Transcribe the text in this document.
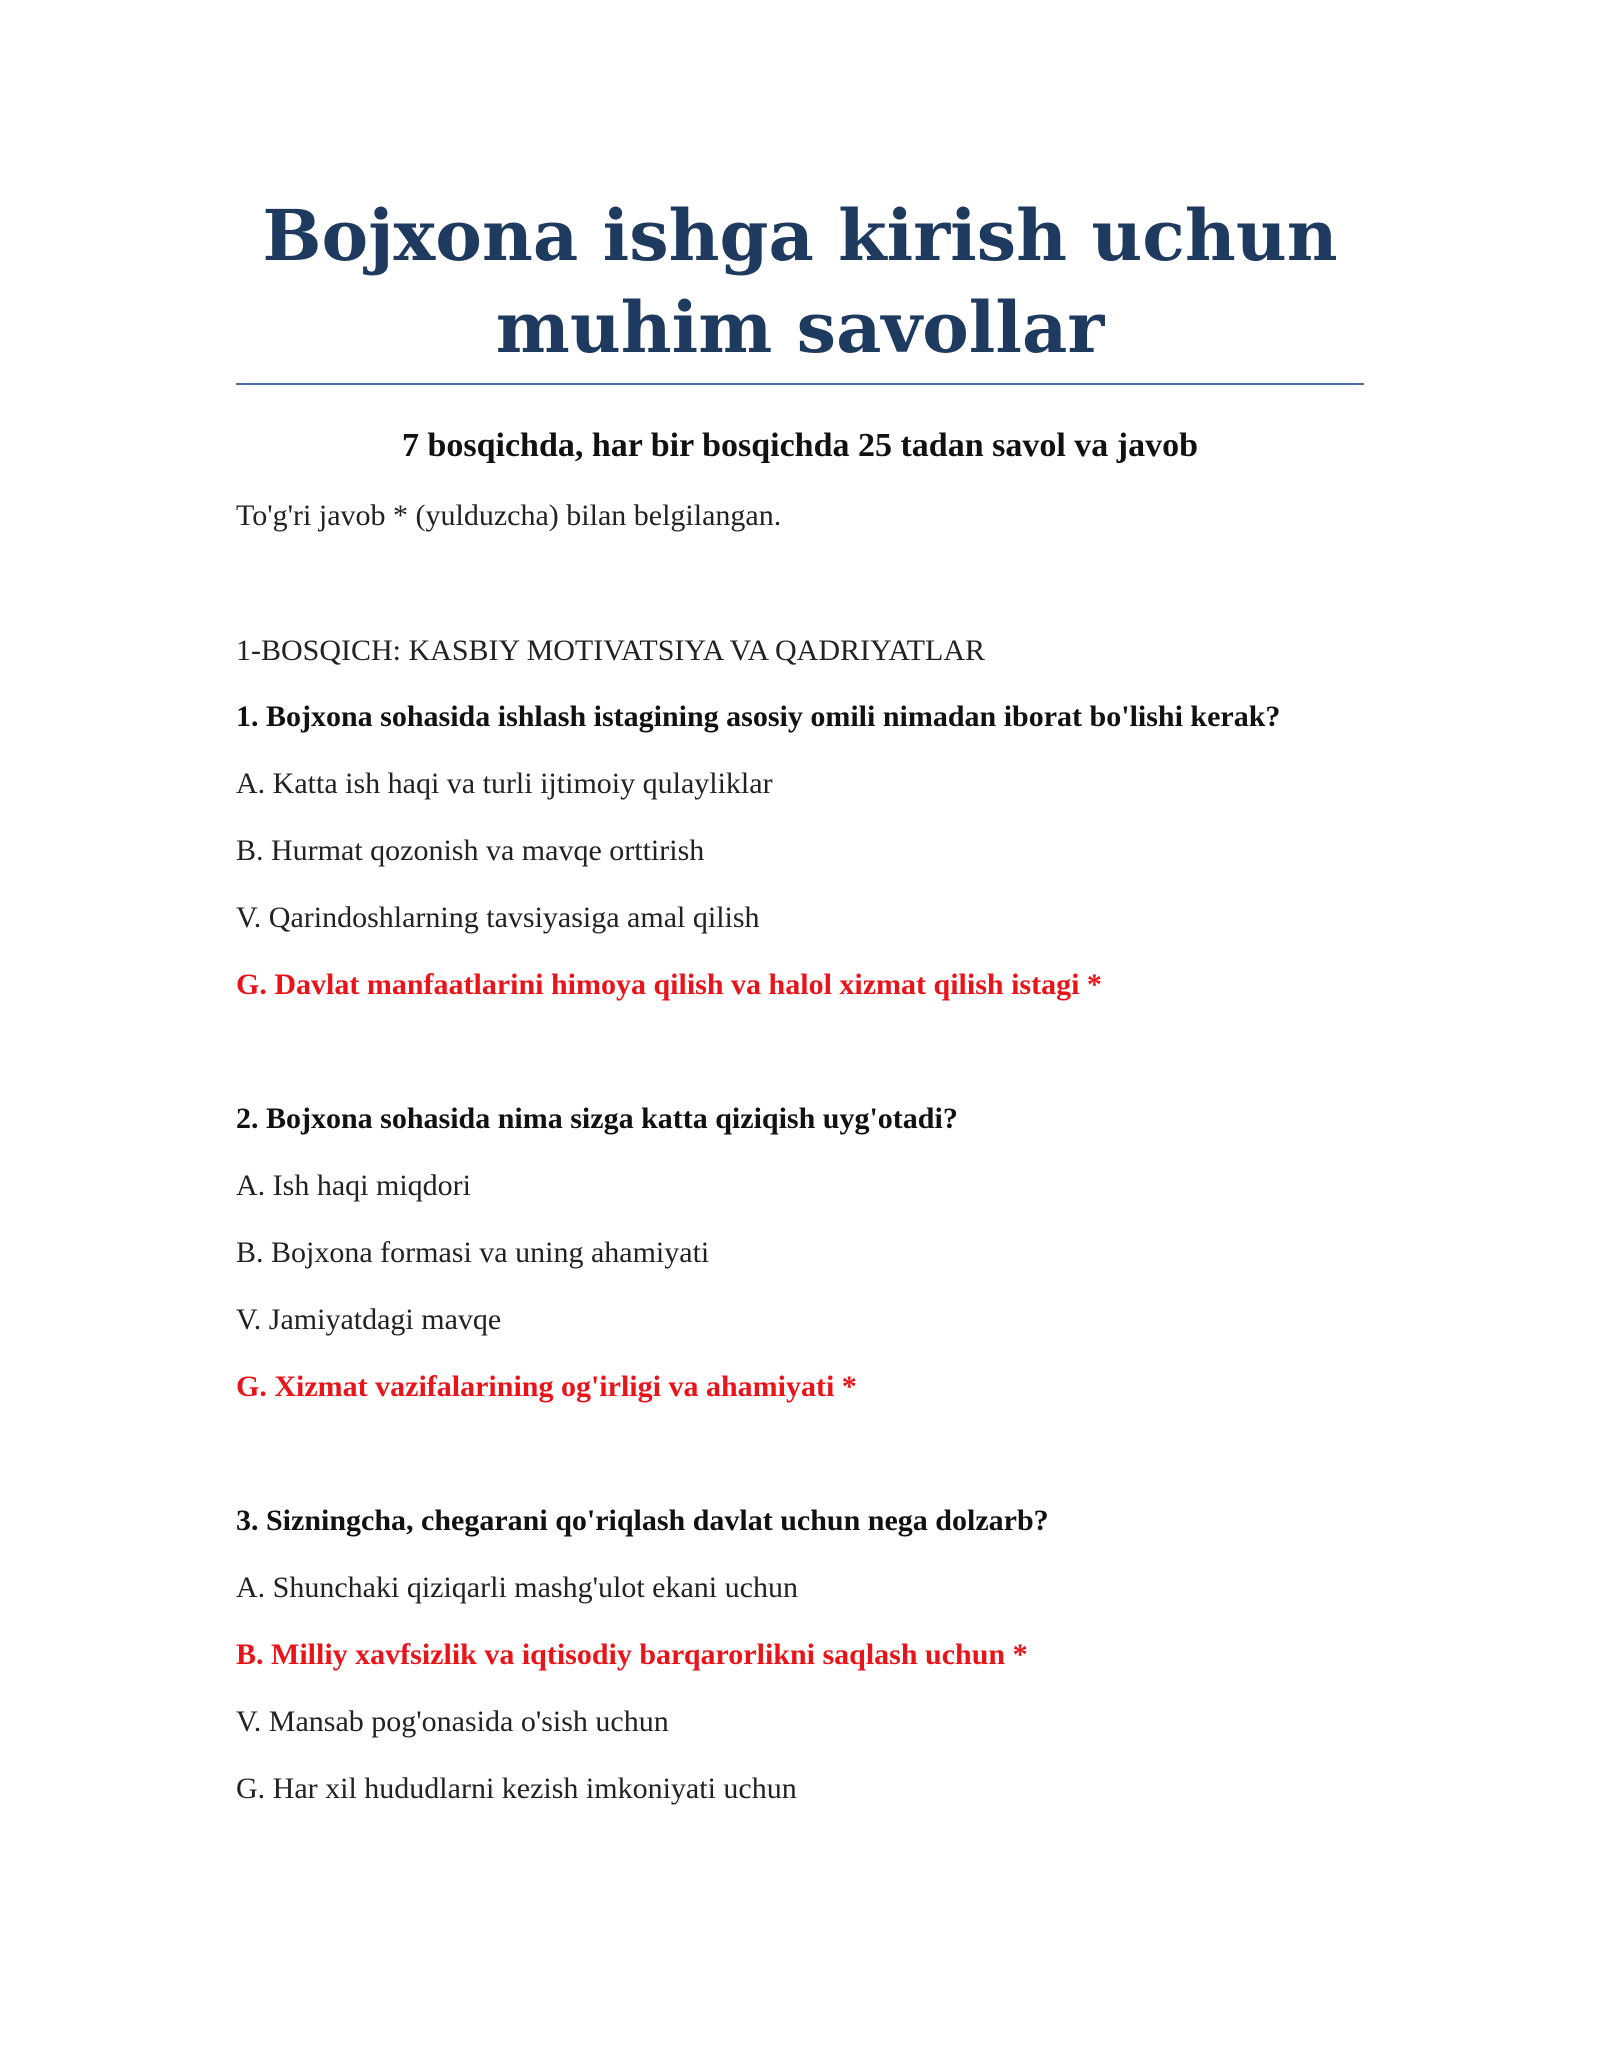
Bojxona ishga kirish uchun
muhim savollar
7 bosqichda, har bir bosqichda 25 tadan savol va javob

To'g'ri javob * (yulduzcha) bilan belgilangan.

1-BOSQICH: KASBIY MOTIVATSIYA VA QADRIYATLAR

1. Bojxona sohasida ishlash istagining asosiy omili nimadan iborat bo'lishi kerak?

A. Katta ish haqi va turli ijtimoiy qulayliklar

B. Hurmat qozonish va mavqe orttirish

V. Qarindoshlarning tavsiyasiga amal qilish

G. Davlat manfaatlarini himoya qilish va halol xizmat qilish istagi *

2. Bojxona sohasida nima sizga katta qiziqish uyg'otadi?

A. Ish haqi miqdori

B. Bojxona formasi va uning ahamiyati

V. Jamiyatdagi mavqe

G. Xizmat vazifalarining og'irligi va ahamiyati *

3. Sizningcha, chegarani qo'riqlash davlat uchun nega dolzarb?

A. Shunchaki qiziqarli mashg'ulot ekani uchun

B. Milliy xavfsizlik va iqtisodiy barqarorlikni saqlash uchun *

V. Mansab pog'onasida o'sish uchun

G. Har xil hududlarni kezish imkoniyati uchun
